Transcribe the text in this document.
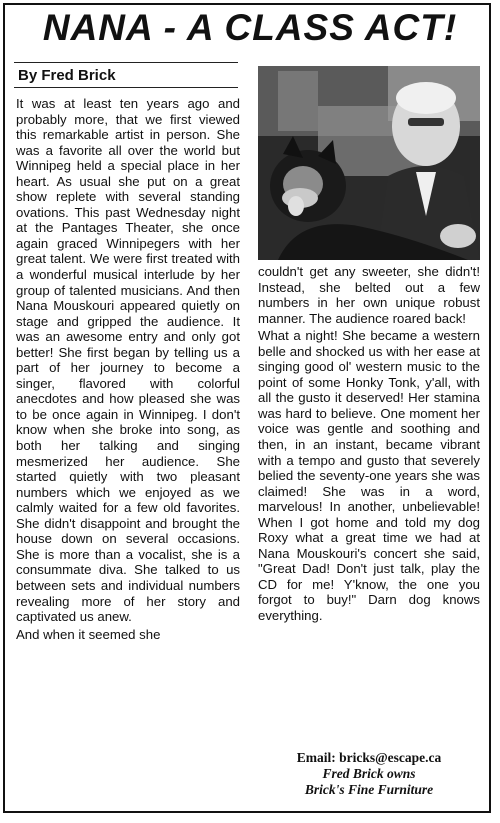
NANA - A CLASS ACT!
By Fred Brick

It was at least ten years ago and probably more, that we first viewed this remarkable artist in person. She was a favorite all over the world but Winnipeg held a special place in her heart. As usual she put on a great show replete with several standing ovations. This past Wednesday night at the Pantages Theater, she once again graced Winnipegers with her great talent. We were first treated with a wonderful musical interlude by her group of talented musicians. And then Nana Mouskouri appeared quietly on stage and gripped the audience. It was an awesome entry and only got better! She first began by telling us a part of her journey to become a singer, flavored with colorful anecdotes and how pleased she was to be once again in Winnipeg. I don't know when she broke into song, as both her talking and singing mesmerized her audience. She started quietly with two pleasant numbers which we enjoyed as we calmly waited for a few old favorites. She didn't disappoint and brought the house down on several occasions. She is more than a vocalist, she is a consummate diva. She talked to us between sets and individual numbers revealing more of her story and captivated us anew.

And when it seemed she

couldn't get any sweeter, she didn't! Instead, she belted out a few numbers in her own unique robust manner. The audience roared back!

What a night! She became a western belle and shocked us with her ease at singing good ol' western music to the point of some Honky Tonk, y'all, with all the gusto it deserved! Her stamina was hard to believe. One moment her voice was gentle and soothing and then, in an instant, became vibrant with a tempo and gusto that severely belied the seventy-one years she was claimed! She was in a word, marvelous! In another, unbelievable! When I got home and told my dog Roxy what a great time we had at Nana Mouskouri's concert she said, "Great Dad! Don't just talk, play the CD for me! Y'know, the one you forgot to buy!" Darn dog knows everything.

Email: bricks@escape.ca
Fred Brick owns
Brick's Fine Furniture
